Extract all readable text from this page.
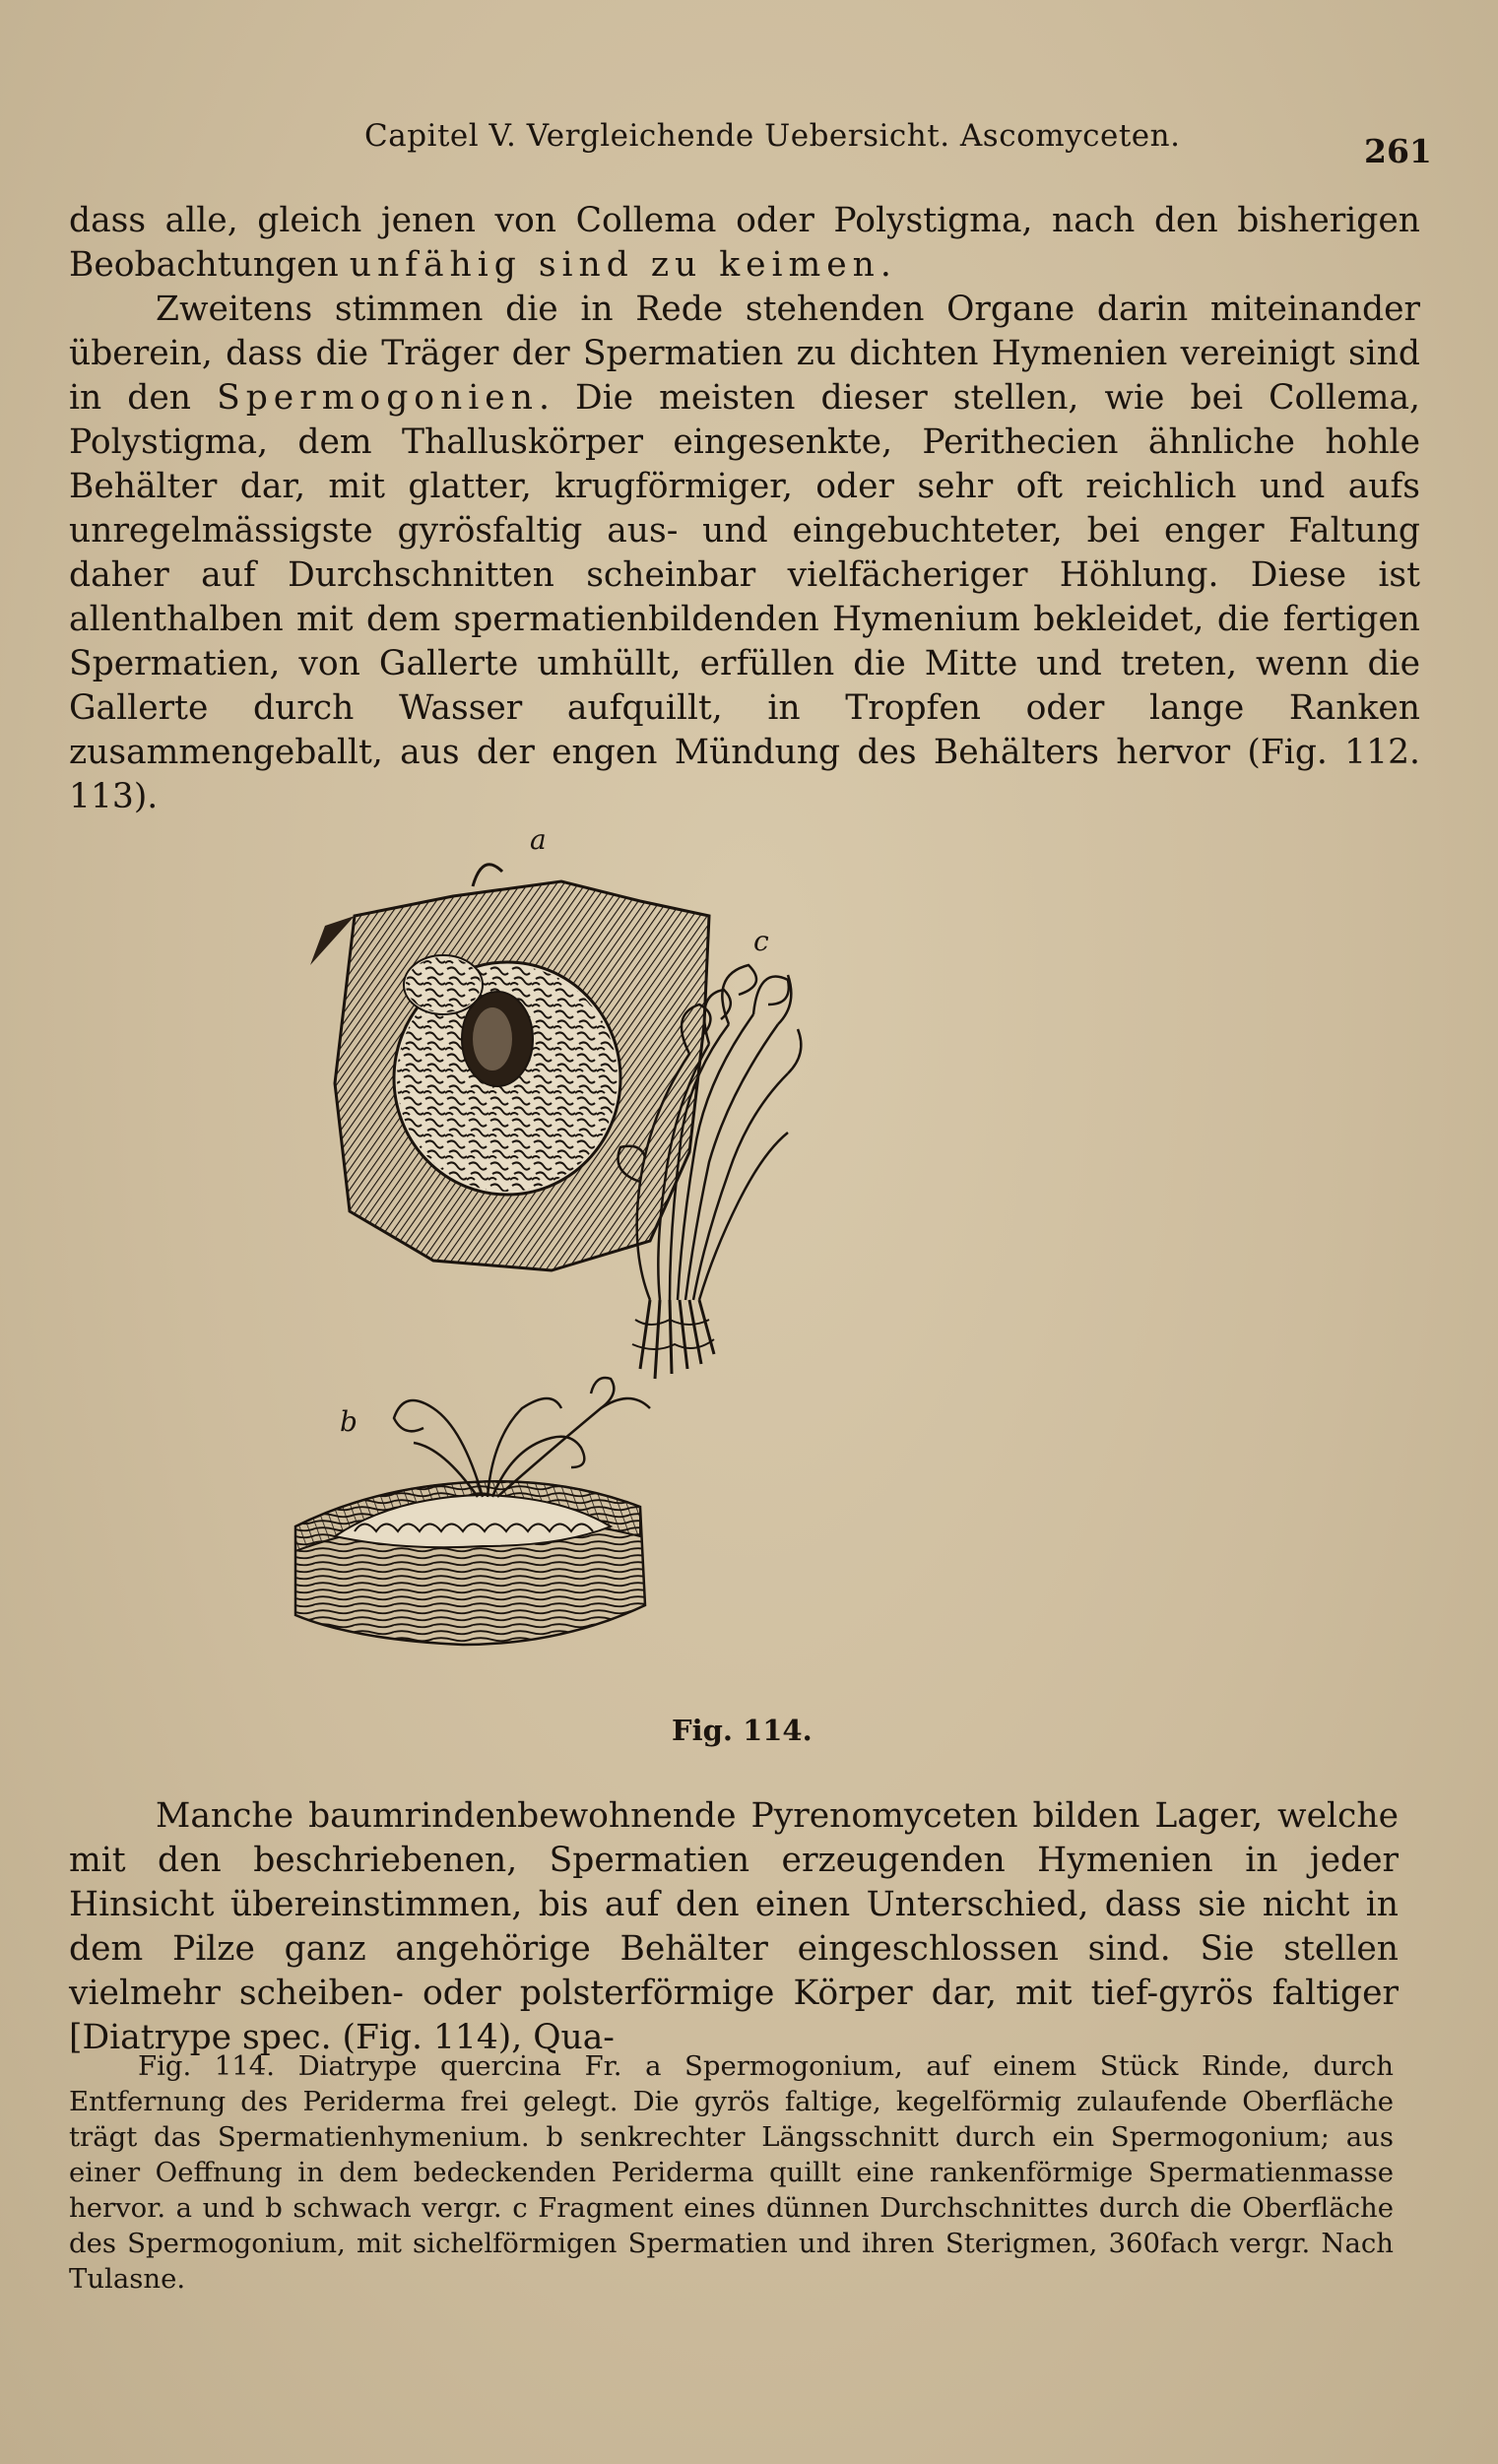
Capitel V. Vergleichende Uebersicht. Ascomyceten.	261

dass alle, gleich jenen von Collema oder Polystigma, nach den bisherigen Beobachtungen unfähig sind zu keimen.

Zweitens stimmen die in Rede stehenden Organe darin miteinander überein, dass die Träger der Spermatien zu dichten Hymenien vereinigt sind in den Spermogonien. Die meisten dieser stellen, wie bei Collema, Polystigma, dem Thalluskörper eingesenkte, Perithecien ähnliche hohle Behälter dar, mit glatter, krugförmiger, oder sehr oft reichlich und aufs unregelmässigste gyrösfaltig aus- und eingebuchteter, bei enger Faltung daher auf Durchschnitten scheinbar vielfächeriger Höhlung. Diese ist allenthalben mit dem spermatienbildenden Hymenium bekleidet, die fertigen Spermatien, von Gallerte umhüllt, erfüllen die Mitte und treten, wenn die Gallerte durch Wasser aufquillt, in Tropfen oder lange Ranken zusammengeballt, aus der engen Mündung des Behälters hervor (Fig. 112. 113).

a
c
b
Fig. 114.

Manche baumrindenbewohnende Pyrenomyceten bilden Lager, welche mit den beschriebenen, Spermatien erzeugenden Hymenien in jeder Hinsicht übereinstimmen, bis auf den einen Unterschied, dass sie nicht in dem Pilze ganz angehörige Behälter eingeschlossen sind. Sie stellen vielmehr scheiben- oder polsterförmige Körper dar, mit tief-gyrös faltiger [Diatrype spec. (Fig. 114), Qua-

Fig. 114. Diatrype quercina Fr. a Spermogonium, auf einem Stück Rinde, durch Entfernung des Periderma frei gelegt. Die gyrös faltige, kegelförmig zulaufende Oberfläche trägt das Spermatienhymenium. b senkrechter Längsschnitt durch ein Spermogonium; aus einer Oeffnung in dem bedeckenden Periderma quillt eine rankenförmige Spermatienmasse hervor. a und b schwach vergr. c Fragment eines dünnen Durchschnittes durch die Oberfläche des Spermogonium, mit sichelförmigen Spermatien und ihren Sterigmen, 360fach vergr. Nach Tulasne.
